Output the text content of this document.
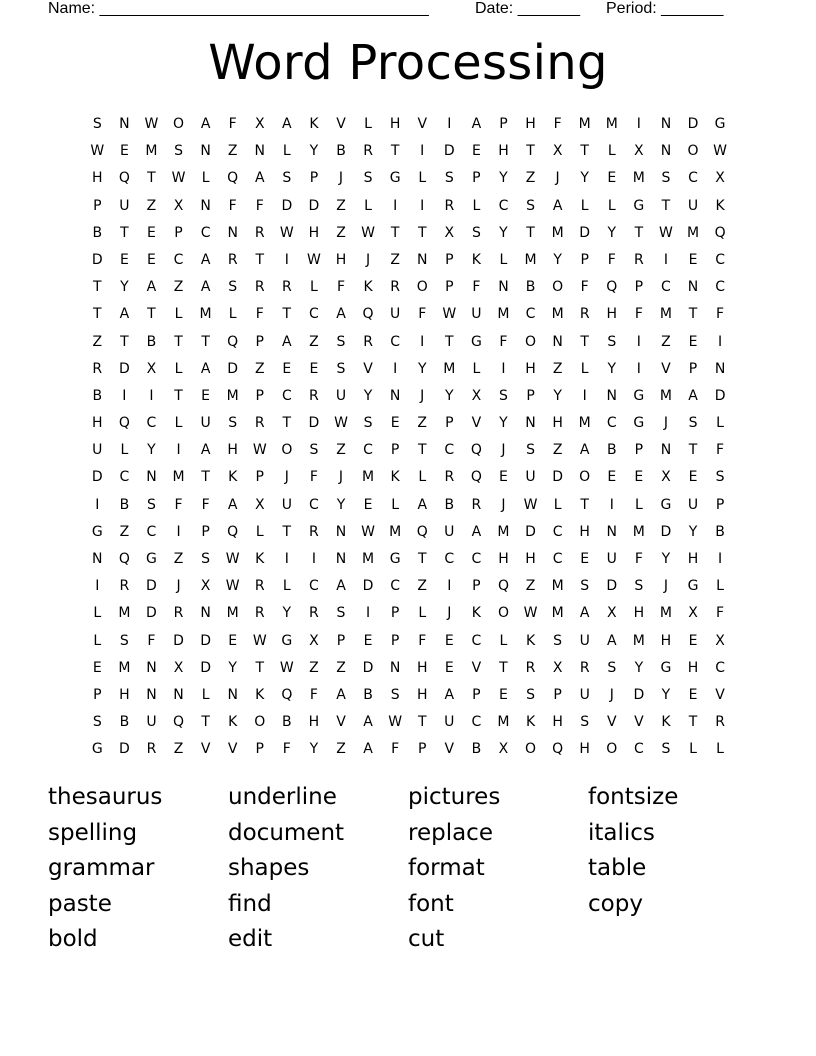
Name: _____________________________________	Date: _______ Period: _______
Word Processing
S	N	W	O	A	F	X	A	K	V	L	H	V	I	A	P	H	F	M	M	I	N	D	G
W	E	M	S	N	Z	N	L	Y	B	R	T	I	D	E	H	T	X	T	L	X	N	O	W
H	Q	T	W	L	Q	A	S	P	J	S	G	L	S	P	Y	Z	J	Y	E	M	S	C	X
P	U	Z	X	N	F	F	D	D	Z	L	I	I	R	L	C	S	A	L	L	G	T	U	K
B	T	E	P	C	N	R	W	H	Z	W	T	T	X	S	Y	T	M	D	Y	T	W M	Q
D	E	E	C	A	R	T	I	W	H	J	Z	N	P	K	L	M	Y	P	F	R	I	E	C
T	Y	A	Z	A	S	R	R	L	F	K	R	O	P	F	N	B	O	F	Q	P	C	N	C
T	A	T	L	M	L	F	T	C	A	Q	U	F	W	U	M	C	M	R	H	F	M	T	F
Z	T	B	T	T	Q	P	A	Z	S	R	C	I	T	G	F	O	N	T	S	I	Z	E	I
R	D	X	L	A	D	Z	E	E	S	V	I	Y	M	L	I	H	Z	L	Y	I	V	P	N
B	I	I	T	E	M	P	C	R	U	Y	N	J	Y	X	S	P	Y	I	N	G	M	A	D
H	Q	C	L	U	S	R	T	D	W	S	E	Z	P	V	Y	N	H	M	C	G	J	S	L
U	L	Y	I	A	H	W	O	S	Z	C	P	T	C	Q	J	S	Z	A	B	P	N	T	F
D	C	N	M	T	K	P	J	F	J	M	K	L	R	Q	E	U	D	O	E	E	X	E	S
I	B	S	F	F	A	X	U	C	Y	E	L	A	B	R	J	W	L	T	I	L	G	U	P
G	Z	C	I	P	Q	L	T	R	N	W M	Q	U	A	M	D	C	H	N	M	D	Y	B
N	Q	G	Z	S	W	K	I	I	N	M	G	T	C	C	H	H	C	E	U	F	Y	H	I
I	R	D	J	X	W	R	L	C	A	D	C	Z	I	P	Q	Z	M	S	D	S	J	G	L
L	M	D	R	N	M	R	Y	R	S	I	P	L	J	K	O	W M	A	X	H	M	X	F
L	S	F	D	D	E	W	G	X	P	E	P	F	E	C	L	K	S	U	A	M	H	E	X
E	M	N	X	D	Y	T	W	Z	Z	D	N	H	E	V	T	R	X	R	S	Y	G	H	C
P	H	N	N	L	N	K	Q	F	A	B	S	H	A	P	E	S	P	U	J	D	Y	E	V
S	B	U	Q	T	K	O	B	H	V	A	W	T	U	C	M	K	H	S	V	V	K	T	R
G	D	R	Z	V	V	P	F	Y	Z	A	F	P	V	B	X	O	Q	H	O	C	S	L	L
thesaurus
spelling
grammar
paste
bold
underline
document
shapes
find
edit
pictures
replace
format
font
cut
fontsize
italics
table
copy
